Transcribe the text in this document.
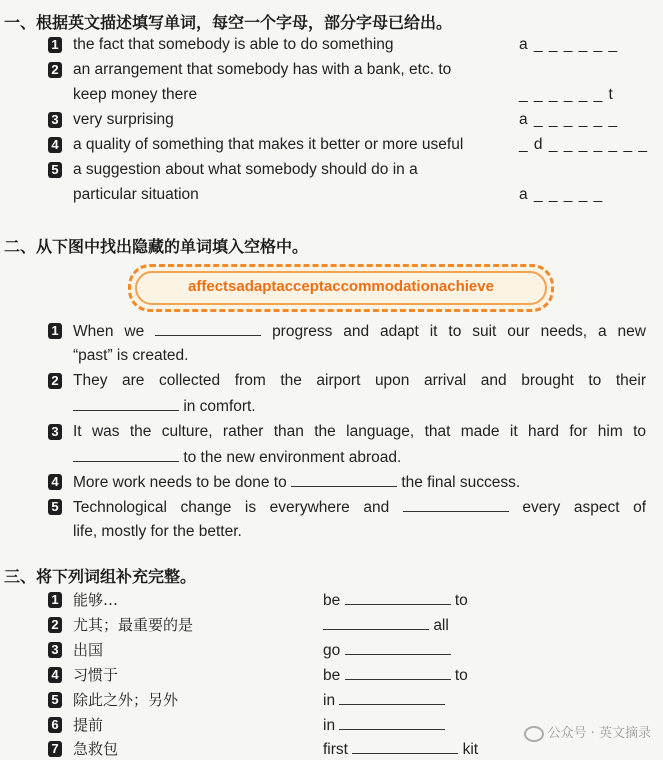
一、根据英文描述填写单词，每空一个字母，部分字母已给出。
1 the fact that somebody is able to do something	a _ _ _ _ _ _
2 an arrangement that somebody has with a bank, etc. to
keep money there	_ _ _ _ _ _ t
3 very surprising	a _ _ _ _ _ _
4 a quality of something that makes it better or more useful	_ d _ _ _ _ _ _ _
5 a suggestion about what somebody should do in a
particular situation	a _ _ _ _ _
二、从下图中找出隐藏的单词填入空格中。
affectsadaptacceptaccommodationachieve
1 When we	progress and adapt it to suit our needs, a new
“past” is created.
2 They are collected from the airport upon arrival and brought to their
in comfort.
3 It was the culture, rather than the language, that made it hard for him to
to the new environment abroad.
4 More work needs to be done to	the final success.
5 Technological change is everywhere and	every aspect of
life, mostly for the better.
三、将下列词组补充完整。
1 能够…	be	to
2 尤其；最重要的是	all
3 出国	go
4 习惯于	be	to
5 除此之外；另外	in
6 提前	in
7 急救包	first	kit
公众号 · 英文摘录
